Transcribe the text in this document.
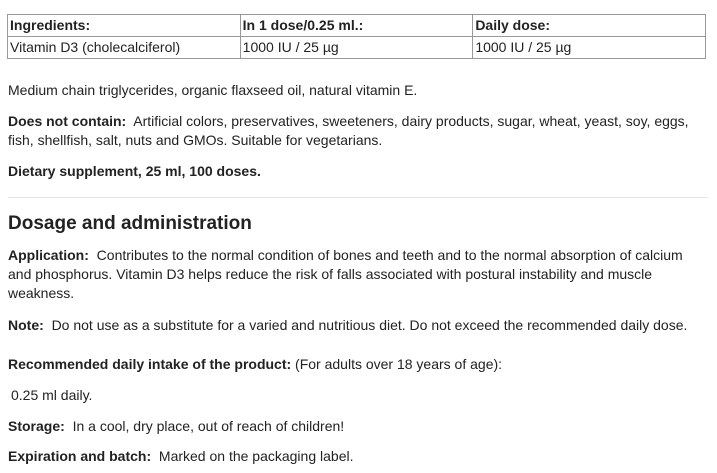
Ingredients:	In 1 dose/0.25 ml.:	Daily dose:
Vitamin D3 (cholecalciferol)	1000 IU / 25 µg	1000 IU / 25 µg

Medium chain triglycerides, organic flaxseed oil, natural vitamin E.

Does not contain: Artificial colors, preservatives, sweeteners, dairy products, sugar, wheat, yeast, soy, eggs, fish, shellfish, salt, nuts and GMOs. Suitable for vegetarians.

Dietary supplement, 25 ml, 100 doses.

Dosage and administration

Application: Contributes to the normal condition of bones and teeth and to the normal absorption of calcium and phosphorus. Vitamin D3 helps reduce the risk of falls associated with postural instability and muscle weakness.

Note: Do not use as a substitute for a varied and nutritious diet. Do not exceed the recommended daily dose.

Recommended daily intake of the product: (For adults over 18 years of age):

0.25 ml daily.

Storage: In a cool, dry place, out of reach of children!

Expiration and batch: Marked on the packaging label.
